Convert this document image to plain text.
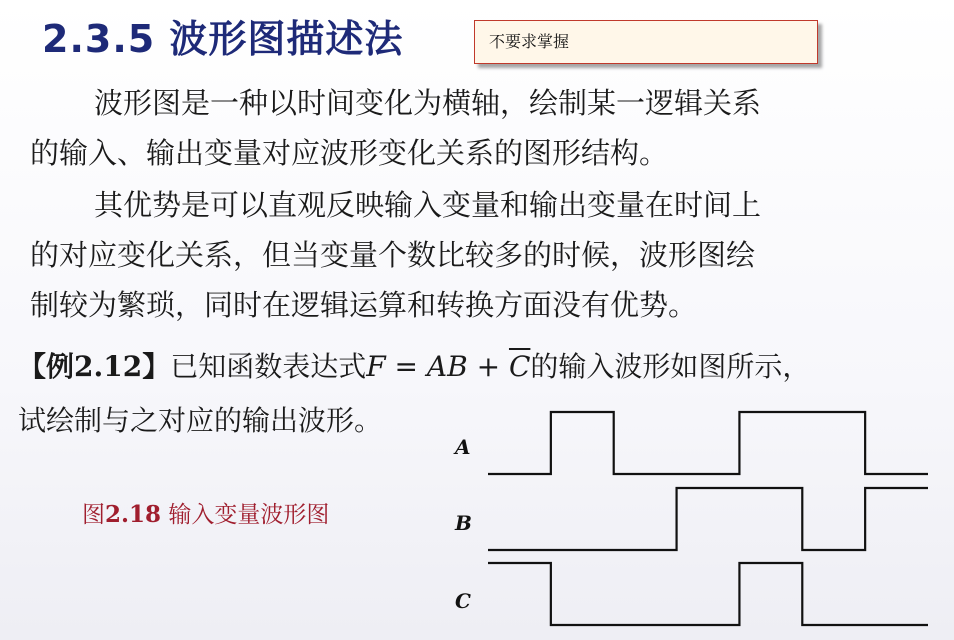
2.3.5 波形图描述法	不要求掌握
波形图是一种以时间变化为横轴，绘制某一逻辑关系
的输入、输出变量对应波形变化关系的图形结构。
其优势是可以直观反映输入变量和输出变量在时间上
的对应变化关系，但当变量个数比较多的时候，波形图绘
制较为繁琐，同时在逻辑运算和转换方面没有优势。
【例2.12】已知函数表达式F = AB + $\overline{C}$的输入波形如图所示，
试绘制与之对应的输出波形。
图2.18 输入变量波形图
A
B
C
